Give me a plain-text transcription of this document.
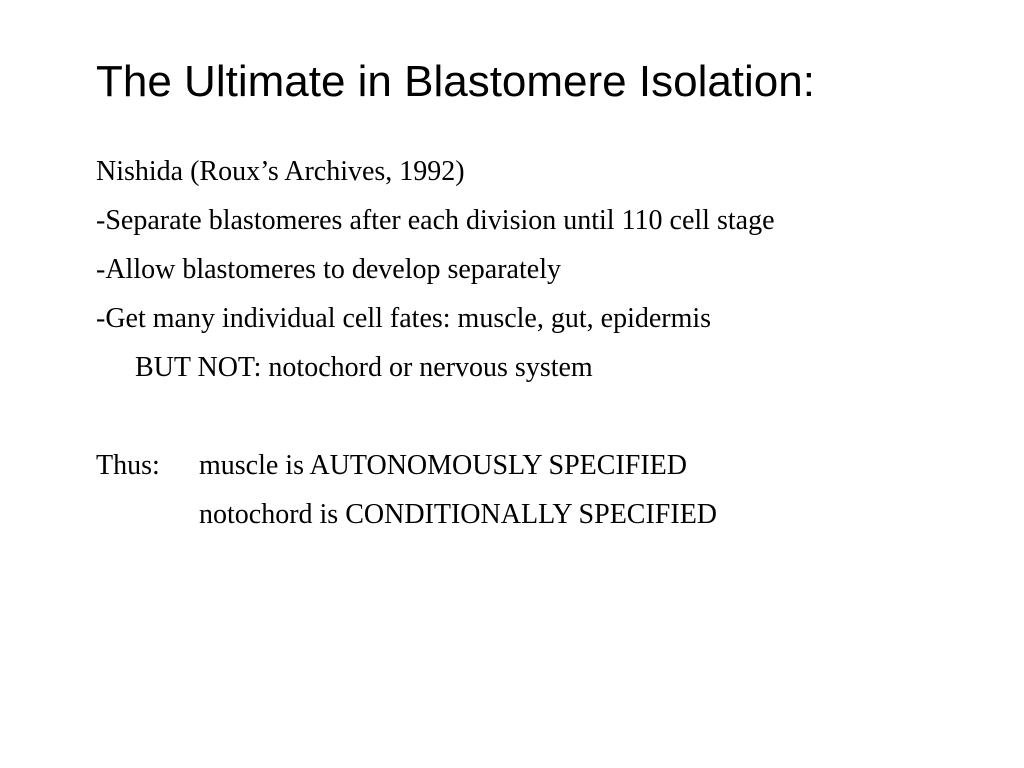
The Ultimate in Blastomere Isolation:
Nishida (Roux’s Archives, 1992)
-Separate blastomeres after each division until 110 cell stage
-Allow blastomeres to develop separately
-Get many individual cell fates: muscle, gut, epidermis
BUT NOT: notochord or nervous system
Thus:	muscle is AUTONOMOUSLY SPECIFIED
notochord is CONDITIONALLY SPECIFIED
